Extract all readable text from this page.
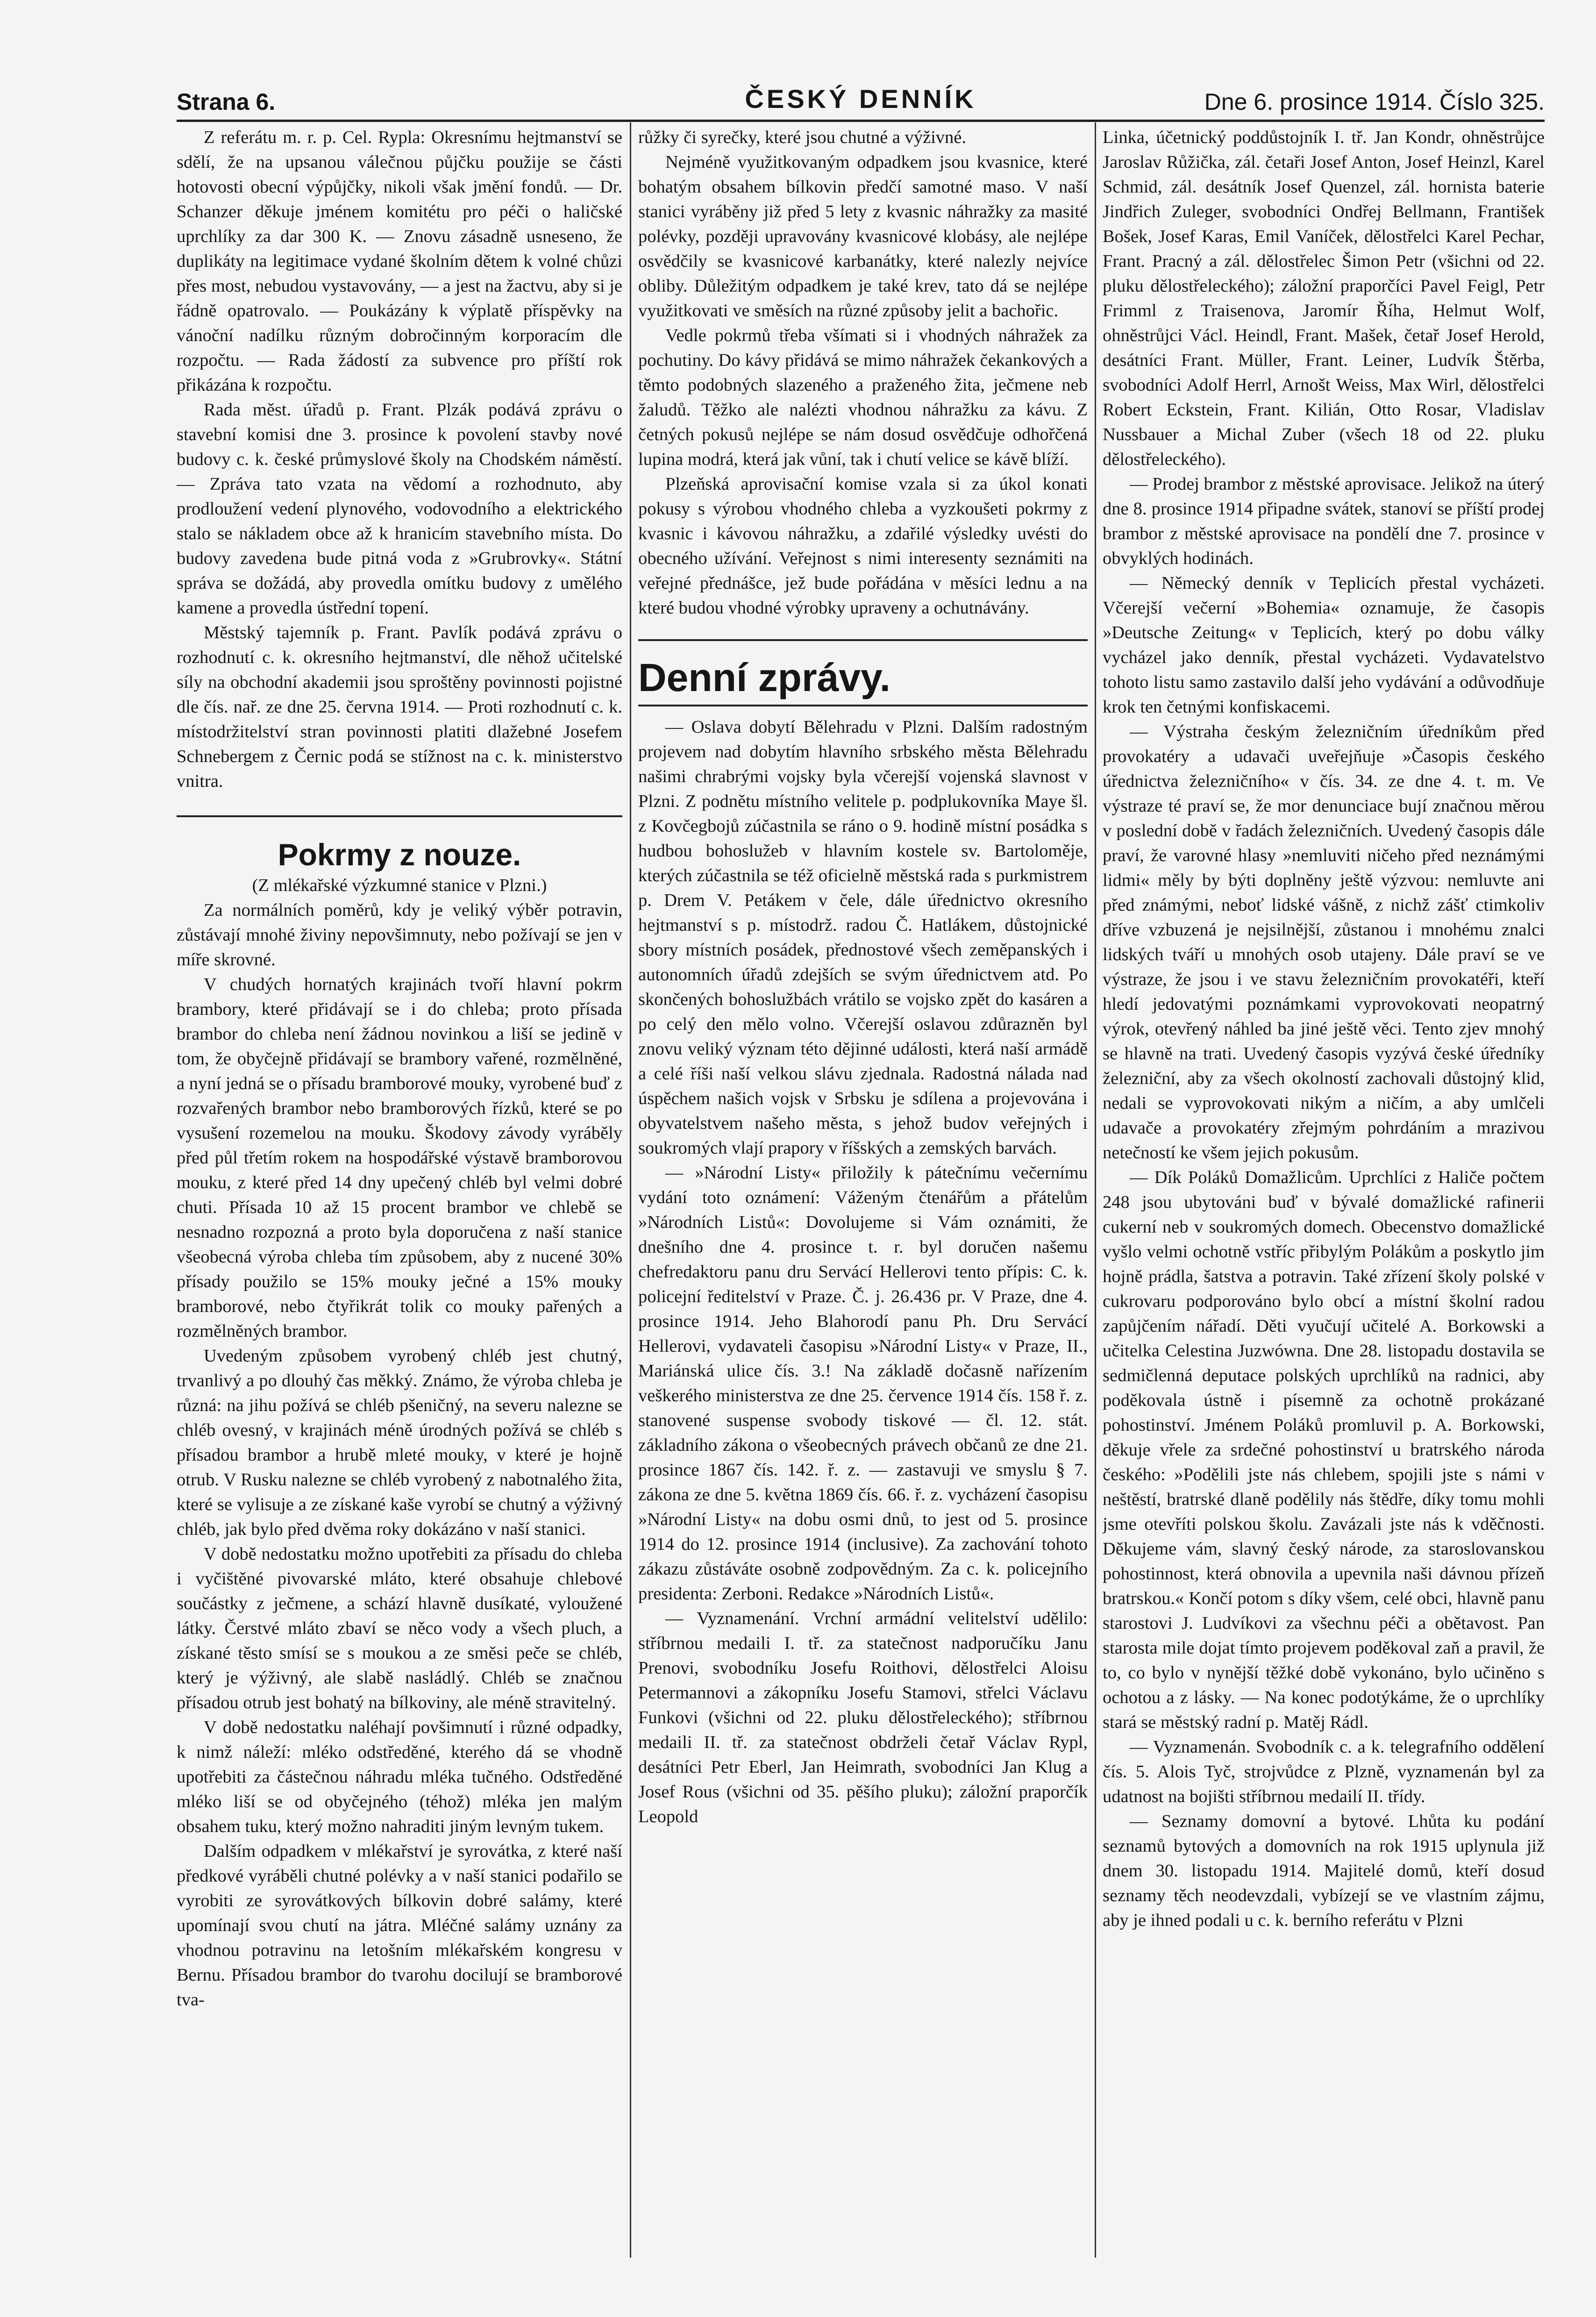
Strana 6.	ČESKÝ DENNÍK	Dne 6. prosince 1914. Číslo 325.

Z referátu m. r. p. Cel. Rypla: Okresnímu hejtmanství se sdělí, že na upsanou válečnou půjčku použije se části hotovosti obecní výpůjčky, nikoli však jmění fondů. — Dr. Schanzer děkuje jménem komitétu pro péči o haličské uprchlíky za dar 300 K. — Znovu zásadně usneseno, že duplikáty na legitimace vydané školním dětem k volné chůzi přes most, nebudou vystavovány, — a jest na žactvu, aby si je řádně opatrovalo. — Poukázány k výplatě příspěvky na vánoční nadílku různým dobročinným korporacím dle rozpočtu. — Rada žádostí za subvence pro příští rok přikázána k rozpočtu.

Rada měst. úřadů p. Frant. Plzák podává zprávu o stavební komisi dne 3. prosince k povolení stavby nové budovy c. k. české průmyslové školy na Chodském náměstí. — Zpráva tato vzata na vědomí a rozhodnuto, aby prodloužení vedení plynového, vodovodního a elektrického stalo se nákladem obce až k hranicím stavebního místa. Do budovy zavedena bude pitná voda z »Grubrovky«. Státní správa se dožádá, aby provedla omítku budovy z umělého kamene a provedla ústřední topení.

Městský tajemník p. Frant. Pavlík podává zprávu o rozhodnutí c. k. okresního hejtmanství, dle něhož učitelské síly na obchodní akademii jsou sproštěny povinnosti pojistné dle čís. nař. ze dne 25. června 1914. — Proti rozhodnutí c. k. místodržitelství stran povinnosti platiti dlažebné Josefem Schnebergem z Černic podá se stížnost na c. k. ministerstvo vnitra.

Pokrmy z nouze.

(Z mlékařské výzkumné stanice v Plzni.)

Za normálních poměrů, kdy je veliký výběr potravin, zůstávají mnohé živiny nepovšimnuty, nebo požívají se jen v míře skrovné.

V chudých hornatých krajinách tvoří hlavní pokrm brambory, které přidávají se i do chleba; proto přísada brambor do chleba není žádnou novinkou a liší se jedině v tom, že obyčejně přidávají se brambory vařené, rozmělněné, a nyní jedná se o přísadu bramborové mouky, vyrobené buď z rozvařených brambor nebo bramborových řízků, které se po vysušení rozemelou na mouku. Škodovy závody vyráběly před půl třetím rokem na hospodářské výstavě bramborovou mouku, z které před 14 dny upečený chléb byl velmi dobré chuti. Přísada 10 až 15 procent brambor ve chlebě se nesnadno rozpozná a proto byla doporučena z naší stanice všeobecná výroba chleba tím způsobem, aby z nucené 30% přísady použilo se 15% mouky ječné a 15% mouky bramborové, nebo čtyřikrát tolik co mouky pařených a rozmělněných brambor.

Uvedeným způsobem vyrobený chléb jest chutný, trvanlivý a po dlouhý čas měkký. Známo, že výroba chleba je různá: na jihu požívá se chléb pšeničný, na severu nalezne se chléb ovesný, v krajinách méně úrodných požívá se chléb s přísadou brambor a hrubě mleté mouky, v které je hojně otrub. V Rusku nalezne se chléb vyrobený z nabotnalého žita, které se vylisuje a ze získané kaše vyrobí se chutný a výživný chléb, jak bylo před dvěma roky dokázáno v naší stanici.

V době nedostatku možno upotřebiti za přísadu do chleba i vyčištěné pivovarské mláto, které obsahuje chlebové součástky z ječmene, a schází hlavně dusíkaté, vyloužené látky. Čerstvé mláto zbaví se něco vody a všech pluch, a získané těsto smísí se s moukou a ze směsi peče se chléb, který je výživný, ale slabě nasládlý. Chléb se značnou přísadou otrub jest bohatý na bílkoviny, ale méně stravitelný.

V době nedostatku naléhají povšimnutí i různé odpadky, k nimž náleží: mléko odstředěné, kterého dá se vhodně upotřebiti za částečnou náhradu mléka tučného. Odstředěné mléko liší se od obyčejného (téhož) mléka jen malým obsahem tuku, který možno nahraditi jiným levným tukem.

Dalším odpadkem v mlékařství je syrovátka, z které naší předkové vyráběli chutné polévky a v naší stanici podařilo se vyrobiti ze syrovátkových bílkovin dobré salámy, které upomínají svou chutí na játra. Mléčné salámy uznány za vhodnou potravinu na letošním mlékařském kongresu v Bernu. Přísadou brambor do tvarohu docilují se bramborové tva-

růžky či syrečky, které jsou chutné a výživné.

Nejméně využitkovaným odpadkem jsou kvasnice, které bohatým obsahem bílkovin předčí samotné maso. V naší stanici vyráběny již před 5 lety z kvasnic náhražky za masité polévky, později upravovány kvasnicové klobásy, ale nejlépe osvědčily se kvasnicové karbanátky, které nalezly nejvíce obliby. Důležitým odpadkem je také krev, tato dá se nejlépe využitkovati ve směsích na různé způsoby jelit a bachořic.

Vedle pokrmů třeba všímati si i vhodných náhražek za pochutiny. Do kávy přidává se mimo náhražek čekankových a těmto podobných slazeného a praženého žita, ječmene neb žaludů. Těžko ale nalézti vhodnou náhražku za kávu. Z četných pokusů nejlépe se nám dosud osvědčuje odhořčená lupina modrá, která jak vůní, tak i chutí velice se kávě blíží.

Plzeňská aprovisační komise vzala si za úkol konati pokusy s výrobou vhodného chleba a vyzkoušeti pokrmy z kvasnic i kávovou náhražku, a zdařilé výsledky uvésti do obecného užívání. Veřejnost s nimi interesenty seznámiti na veřejné přednášce, jež bude pořádána v měsíci lednu a na které budou vhodné výrobky upraveny a ochutnávány.

Denní zprávy.

— Oslava dobytí Bělehradu v Plzni. Dalším radostným projevem nad dobytím hlavního srbského města Bělehradu našimi chrabrými vojsky byla včerejší vojenská slavnost v Plzni. Z podnětu místního velitele p. podplukovníka Maye šl. z Kovčegbojů zúčastnila se ráno o 9. hodině místní posádka s hudbou bohoslužeb v hlavním kostele sv. Bartoloměje, kterých zúčastnila se též oficielně městská rada s purkmistrem p. Drem V. Petákem v čele, dále úřednictvo okresního hejtmanství s p. místodrž. radou Č. Hatlákem, důstojnické sbory místních posádek, přednostové všech zeměpanských i autonomních úřadů zdejších se svým úřednictvem atd. Po skončených bohoslužbách vrátilo se vojsko zpět do kasáren a po celý den mělo volno. Včerejší oslavou zdůrazněn byl znovu veliký význam této dějinné události, která naší armádě a celé říši naší velkou slávu zjednala. Radostná nálada nad úspěchem našich vojsk v Srbsku je sdílena a projevována i obyvatelstvem našeho města, s jehož budov veřejných i soukromých vlají prapory v říšských a zemských barvách.

— »Národní Listy« přiložily k pátečnímu večernímu vydání toto oznámení: Váženým čtenářům a přátelům »Národních Listů«: Dovolujeme si Vám oznámiti, že dnešního dne 4. prosince t. r. byl doručen našemu chefredaktoru panu dru Servácí Hellerovi tento přípis: C. k. policejní ředitelství v Praze. Č. j. 26.436 pr. V Praze, dne 4. prosince 1914. Jeho Blahorodí panu Ph. Dru Servácí Hellerovi, vydavateli časopisu »Národní Listy« v Praze, II., Mariánská ulice čís. 3.! Na základě dočasně nařízením veškerého ministerstva ze dne 25. července 1914 čís. 158 ř. z. stanovené suspense svobody tiskové — čl. 12. stát. základního zákona o všeobecných právech občanů ze dne 21. prosince 1867 čís. 142. ř. z. — zastavuji ve smyslu § 7. zákona ze dne 5. května 1869 čís. 66. ř. z. vycházení časopisu »Národní Listy« na dobu osmi dnů, to jest od 5. prosince 1914 do 12. prosince 1914 (inclusive). Za zachování tohoto zákazu zůstáváte osobně zodpovědným. Za c. k. policejního presidenta: Zerboni. Redakce »Národních Listů«.

— Vyznamenání. Vrchní armádní velitelství udělilo: stříbrnou medaili I. tř. za statečnost nadporučíku Janu Prenovi, svobodníku Josefu Roithovi, dělostřelci Aloisu Petermannovi a zákopníku Josefu Stamovi, střelci Václavu Funkovi (všichni od 22. pluku dělostřeleckého); stříbrnou medaili II. tř. za statečnost obdrželi četař Václav Rypl, desátníci Petr Eberl, Jan Heimrath, svobodníci Jan Klug a Josef Rous (všichni od 35. pěšího pluku); záložní praporčík Leopold

Linka, účetnický poddůstojník I. tř. Jan Kondr, ohněstrůjce Jaroslav Růžička, zál. četaři Josef Anton, Josef Heinzl, Karel Schmid, zál. desátník Josef Quenzel, zál. hornista baterie Jindřich Zuleger, svobodníci Ondřej Bellmann, František Bošek, Josef Karas, Emil Vaníček, dělostřelci Karel Pechar, Frant. Pracný a zál. dělostřelec Šimon Petr (všichni od 22. pluku dělostřeleckého); záložní praporčíci Pavel Feigl, Petr Frimml z Traisenova, Jaromír Říha, Helmut Wolf, ohněstrůjci Václ. Heindl, Frant. Mašek, četař Josef Herold, desátníci Frant. Müller, Frant. Leiner, Ludvík Štěrba, svobodníci Adolf Herrl, Arnošt Weiss, Max Wirl, dělostřelci Robert Eckstein, Frant. Kilián, Otto Rosar, Vladislav Nussbauer a Michal Zuber (všech 18 od 22. pluku dělostřeleckého).

— Prodej brambor z městské aprovisace. Jelikož na úterý dne 8. prosince 1914 připadne svátek, stanoví se příští prodej brambor z městské aprovisace na pondělí dne 7. prosince v obvyklých hodinách.

— Německý denník v Teplicích přestal vycházeti. Včerejší večerní »Bohemia« oznamuje, že časopis »Deutsche Zeitung« v Teplicích, který po dobu války vycházel jako denník, přestal vycházeti. Vydavatelstvo tohoto listu samo zastavilo další jeho vydávání a odůvodňuje krok ten četnými konfiskacemi.

— Výstraha českým železničním úředníkům před provokatéry a udavači uveřejňuje »Časopis českého úřednictva železničního« v čís. 34. ze dne 4. t. m. Ve výstraze té praví se, že mor denunciace bují značnou měrou v poslední době v řadách železničních. Uvedený časopis dále praví, že varovné hlasy »nemluviti ničeho před neznámými lidmi« měly by býti doplněny ještě výzvou: nemluvte ani před známými, neboť lidské vášně, z nichž zášť ctimkoliv dříve vzbuzená je nejsilnější, zůstanou i mnohému znalci lidských tváří u mnohých osob utajeny. Dále praví se ve výstraze, že jsou i ve stavu železničním provokatéři, kteří hledí jedovatými poznámkami vyprovokovati neopatrný výrok, otevřený náhled ba jiné ještě věci. Tento zjev mnohý se hlavně na trati. Uvedený časopis vyzývá české úředníky železniční, aby za všech okolností zachovali důstojný klid, nedali se vyprovokovati nikým a ničím, a aby umlčeli udavače a provokatéry zřejmým pohrdáním a mrazivou netečností ke všem jejich pokusům.

— Dík Poláků Domažlicům. Uprchlíci z Haliče počtem 248 jsou ubytováni buď v bývalé domažlické rafinerii cukerní neb v soukromých domech. Obecenstvo domažlické vyšlo velmi ochotně vstříc přibylým Polákům a poskytlo jim hojně prádla, šatstva a potravin. Také zřízení školy polské v cukrovaru podporováno bylo obcí a místní školní radou zapůjčením nářadí. Děti vyučují učitelé A. Borkowski a učitelka Celestina Juzwówna. Dne 28. listopadu dostavila se sedmičlenná deputace polských uprchlíků na radnici, aby poděkovala ústně i písemně za ochotně prokázané pohostinství. Jménem Poláků promluvil p. A. Borkowski, děkuje vřele za srdečné pohostinství u bratrského národa českého: »Podělili jste nás chlebem, spojili jste s námi v neštěstí, bratrské dlaně podělily nás štědře, díky tomu mohli jsme otevříti polskou školu. Zavázali jste nás k vděčnosti. Děkujeme vám, slavný český národe, za staroslovanskou pohostinnost, která obnovila a upevnila naši dávnou přízeň bratrskou.« Končí potom s díky všem, celé obci, hlavně panu starostovi J. Ludvíkovi za všechnu péči a obětavost. Pan starosta mile dojat tímto projevem poděkoval zaň a pravil, že to, co bylo v nynější těžké době vykonáno, bylo učiněno s ochotou a z lásky. — Na konec podotýkáme, že o uprchlíky stará se městský radní p. Matěj Rádl.

— Vyznamenán. Svobodník c. a k. telegrafního oddělení čís. 5. Alois Tyč, strojvůdce z Plzně, vyznamenán byl za udatnost na bojišti stříbrnou medailí II. třídy.

— Seznamy domovní a bytové. Lhůta ku podání seznamů bytových a domovních na rok 1915 uplynula již dnem 30. listopadu 1914. Majitelé domů, kteří dosud seznamy těch neodevzdali, vybízejí se ve vlastním zájmu, aby je ihned podali u c. k. berního referátu v Plzni
